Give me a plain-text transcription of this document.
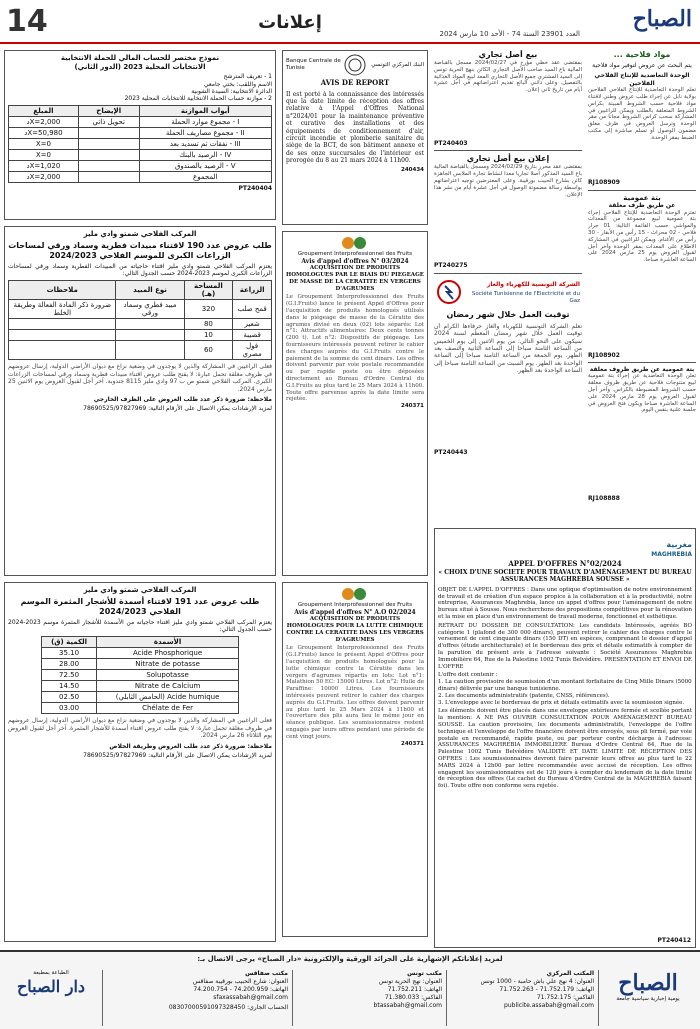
14	إعلانات
العدد 23901 السنة 74 - الأحد 10 مارس 2024
الصباح
مواد فلاحية ...
يتم البحث عن عروض لتوفير مواد فلاحية
الوحدة التعاضدية للإنتاج الفلاحي الفلاحين
تعلم الوحدة التعاضدية للإنتاج الفلاحي الفلاحين بولاية نابل عن إجراء طلب عروض وطني لاقتناء مواد فلاحية حسب الشروط المبينة بكراس الشروط المتعلقة بالطلب ويمكن للراغبين في المشاركة سحب كراس الشروط مجانا من مقر الوحدة وترسل العروض في ظرف مغلق مضمون الوصول أو تسلم مباشرة إلى مكتب الضبط بمقر الوحدة.
RJ108909
بتة عمومية
عن طريق ظرف مغلقة
تعتزم الوحدة التعاضدية للإنتاج الفلاحي إجراء بتة عمومية لبيع مجموعة من المعدات والمواشي حسب القائمة التالية: 01 جرار فلاحي - 02 محراث - 15 رأس من الأبقار - 30 رأس من الأغنام. ويمكن للراغبين في المشاركة الاطلاع على المعدات بمقر الوحدة وآخر أجل لقبول العروض يوم 25 مارس 2024 على الساعة العاشرة صباحا.
RJ108902
بتة عمومية عن طريق ظروف مغلقة
تعلن الوحدة التعاضدية عن إجراء بتة عمومية لبيع منتوجات فلاحية عن طريق ظروف مغلقة حسب الشروط المضبوطة بالكراس. وآخر أجل لقبول العروض يوم 28 مارس 2024 على الساعة العاشرة صباحا ويكون فتح العروض في جلسة علنية بنفس اليوم.
RJ108888
بيع أصل تجاري
بمقتضى عقد خطي مؤرخ في 2024/02/27 مسجل بالقباضة المالية باع السيد صاحب الأصل التجاري الكائن بنهج الحرية تونس إلى السيد المشتري جميع الأصل التجاري المعد لبيع المواد الغذائية بالتفصيل. وعلى دائني البائع تقديم اعتراضاتهم في أجل عشرة أيام من تاريخ ثاني إعلان.
PT240403
إعلان بيع أصل تجاري
بمقتضى عقد محرر بتاريخ 2024/02/29 ومسجل بالقباضة المالية باع السيد المذكور أصلا تجاريا معدا لنشاط تجارة الملابس الجاهزة كائن بشارع الحبيب بورقيبة. وعلى المعترضين توجيه اعتراضاتهم بواسطة رسالة مضمونة الوصول في أجل عشرة أيام من نشر هذا الإعلان.
PT240275
الشركة التونسية للكهرباء والغاز
Société Tunisienne de l'Electricité et du Gaz
توقيت العمل خلال شهر رمضان
تعلم الشركة التونسية للكهرباء والغاز حرفاءها الكرام أن توقيت العمل خلال شهر رمضان المعظم لسنة 2024 سيكون على النحو التالي: من يوم الاثنين إلى يوم الخميس من الساعة الثامنة صباحا إلى الساعة الثانية والنصف بعد الظهر. يوم الجمعة من الساعة الثامنة صباحا إلى الساعة الواحدة بعد الظهر. يوم السبت من الساعة الثامنة صباحا إلى الساعة الواحدة بعد الظهر.
PT240443
Banque Centrale de Tunisie
البنك المركزي التونسي
AVIS DE REPORT
Il est porté à la connaissance des intéressés que la date limite de réception des offres relative à l'Appel d'Offres National n°2024/01 pour la maintenance préventive et curative des installations et des équipements de conditionnement d'air, circuit incendie et plomberie sanitaire du siège de la BCT, de son bâtiment annexe et de ses onze succursales de l'intérieur est prorogée du 8 au 21 mars 2024 à 11h00.
240434
Groupement Interprofessionnel des Fruits
Avis d'appel d'offres N° 03/2024
ACQUISITION DE PRODUITS HOMOLOGUES PAR LE BIAIS DU PIEGEAGE DE MASSE DE LA CERATITE EN VERGERS D'AGRUMES
Le Groupement Interprofessionnel des Fruits (G.I.Fruits) lance le présent Appel d'Offres pour l'acquisition de produits homologués utilisés dans le piégeage de masse de la Cératite des agrumes divisé en deux (02) lots séparés: Lot n°1: Attractifs alimentaires: Deux cents tonnes (200 t). Lot n°2: Dispositifs de piégeage. Les fournisseurs intéressés peuvent retirer le cahier des charges auprès du G.I.Fruits contre le paiement de la somme de cent dinars. Les offres doivent parvenir par voie postale recommandée ou par rapide poste ou être déposées directement au Bureau d'Ordre Central du G.I.Fruits au plus tard le 25 Mars 2024 à 11h00. Toute offre parvenue après la date limite sera rejetée.
240371
Groupement Interprofessionnel des Fruits
Avis d'appel d'offres N° A.O 02/2024
ACQUISITION DE PRODUITS HOMOLOGUES POUR LA LUTTE CHIMIQUE CONTRE LA CERATITE DANS LES VERGERS D'AGRUMES
Le Groupement Interprofessionnel des Fruits (G.I.Fruits) lance le présent Appel d'Offres pour l'acquisition de produits homologués pour la lutte chimique contre la Cératite dans les vergers d'agrumes répartis en lots: Lot n°1: Malathion 50 EC: 15000 Litres. Lot n°2: Huile de Paraffine: 10000 Litres. Les fournisseurs intéressés peuvent retirer le cahier des charges auprès du G.I.Fruits. Les offres doivent parvenir au plus tard le 25 Mars 2024 à 11h00 et l'ouverture des plis aura lieu le même jour en séance publique. Les soumissionnaires restent engagés par leurs offres pendant une période de cent vingt jours.
240371
نموذج مختصر للحساب المالي للحملة الانتخابية
الانتخابات المحلية 2023 (الدور الثاني)
1 - تعريف المترشح
الاسم واللقب: بختي جامعي
الدائرة الانتخابية: السيدة الشوبية
2 - موازنة حساب الحملة الانتخابية للانتخابات المحلية 2023
أبواب الموازنة	الإيضاح	المبلغ
I - مجموع موارد الحملة	تحويل ذاتي	X=2,000د
II - مجموع مصاريف الحملة		X=50,980د
III - نفقات تم تسديد بعد		X=0
IV - الرصيد بالبنك		X=0
V - الرصيد بالصندوق		X=1,020د
المجموع		X=2,000د
PT240404
المركب الفلاحي شمتو وادي مليز
طلب عروض عدد 190 لاقتناء مبيدات فطرية وسماد ورقي لمساحات الزراعات الكبرى للموسم الفلاحي 2024/2023
يعتزم المركب الفلاحي شمتو وادي مليز اقتناء حاجياته من المبيدات الفطرية وسماد ورقي لمساحات الزراعات الكبرى لموسم 2023-2024 حسب الجدول التالي:
الزراعة	المساحة (هـ)	نوع المبيد	ملاحظات
قمح صلب	320	مبيد فطري وسماد ورقي	ضرورة ذكر المادة الفعالة وطريقة الخلط
شعير	80		
قصيبة	10		
فول مصري	60		
فعلى الراغبين في المشاركة والذين لا يوجدون في وضعية نزاع مع ديوان الأراضي الدولية، إرسال عروضهم في ظروف مغلقة تحمل عبارة: لا يفتح طلب عروض اقتناء مبيدات فطرية وسماد ورقي لمساحات الزراعات الكبرى. المركب الفلاحي شمتو ص ب 97 وادي مليز 8115 جندوبة. آخر أجل لقبول العروض يوم الاثنين 25 مارس 2024.
ملاحظة: ضرورة ذكر عدد طلب العروض على الظرف الخارجي
لمزيد الإرشادات يمكن الاتصال على الأرقام التالية: 78690525/97827969
المركب الفلاحي شمتو وادي مليز
طلب عروض عدد 191 لاقتناء أسمدة للأشجار المثمرة الموسم الفلاحي 2024/2023
يعتزم المركب الفلاحي شمتو وادي مليز اقتناء حاجياته من الأسمدة للأشجار المثمرة موسم 2023-2024 حسب الجدول التالي:
الأسمدة	الكمية (ق)
Acide Phosphorique	35.10
Nitrate de potasse	28.00
Solupotasse	72.50
Nitrate de Calcium	14.50
Acide humique (الحامض الثابلي)	02.50
Chélate de Fer	03.00
فعلى الراغبين في المشاركة والذين لا يوجدون في وضعية نزاع مع ديوان الأراضي الدولية، إرسال عروضهم في ظروف مغلقة تحمل عبارة: لا يفتح طلب عروض اقتناء أسمدة للأشجار المثمرة. آخر أجل لقبول العروض يوم الثلاثاء 26 مارس 2024.
ملاحظة: ضرورة ذكر عدد طلب العروض وطريقة الخلاص
لمزيد الإرشادات يمكن الاتصال على الأرقام التالية: 78690525/97827969
مغربية
MAGHREBIA
APPEL D'OFFRES N°02/2024
« CHOIX D'UNE SOCIETE POUR TRAVAUX D'AMÉNAGEMENT DU BUREAU ASSURANCES MAGHREBIA SOUSSE »
OBJET DE L'APPEL D'OFFRES : Dans une optique d'optimisation de notre environnement de travail et de création d'un espace propice à la collaboration et à la productivité, notre entreprise, Assurances Maghrebia, lance un appel d'offres pour l'aménagement de notre bureau situé à Sousse. Nous recherchons des propositions compétitives pour la rénovation et la mise en place d'un environnement de travail moderne, fonctionnel et esthétique.
RETRAIT DU DOSSIER DE CONSULTATION: Les candidats Intéressés, agréés BO catégorie 1 (plafond de 300 000 dinars), peuvent retirer le cahier des charges contre le versement de cent cinquante dinars (150 DT) en espèces, comprenant le dossier d'appel d'offres (étude architecturale) et le bordereau des prix et détails estimatifs à compter de la parution du présent avis à l'adresse suivante : Société Assurances Maghrebia Immobilière 64, Rue de la Palestine 1002 Tunis Belvédère. PRESENTATION ET ENVOI DE L'OFFRE
L'offre doit contenir :
1. La caution provisoire de soumission d'un montant forfaitaire de Cinq Mille Dinars (5000 dinars) délivrée par une banque tunisienne.
2. Les documents administratifs (patente, CNSS, références).
3. L'enveloppe avec le bordereau de prix et détails estimatifs avec la soumission signée.
Les éléments doivent être placés dans une enveloppe extérieure fermée et scellée portant la mention: A NE PAS OUVRIR CONSULTATION POUR AMÉNAGEMENT BUREAU SOUSSE. La caution provisoire, les documents administratifs, l'enveloppe de l'offre technique et l'enveloppe de l'offre financière doivent être envoyés, sous pli fermé, par voie postale en recommandé, rapide poste, ou par porteur contre décharge à l'adresse: ASSURANCES MAGHREBIA IMMOBILIERE Bureau d'Ordre Central 64, Rue de la Palestine 1002 Tunis Belvédère VALIDITÉ ET DATE LIMITE DE RÉCEPTION DES OFFRES : Les soumissionnaires devront faire parvenir leurs offres au plus tard le 22 MARS 2024 à 12h00 par lettre recommandée avec accusé de réception. Les offres engagent les soumissionnaires est de 120 jours à compter du lendemain de la date limite de réception des offres (Le cachet du Bureau d'Ordre Central de la MAGHREBIA faisant foi). Toute offre non conforme sera rejetée.
PT240412
لمزيد إعلاناتكم الإشهارية على الجرائد الورقية والإلكترونية «دار الصباح» يرجى الاتصال بـ:
الصباح
يومية إخبارية سياسية جامعة
المكتب المركزي
العنوان: 4 نهج علي باش حامبة - 1000 تونس
الهاتف: 71.752.179 - 71.752.263
الفاكس: 71.752.175
publicite.assabah@gmail.com
مكتب تونس
العنوان: نهج الحرية تونس
الهاتف: 71.752.211
الفاكس: 71.380.033
btassabah@gmail.com
مكتب صفاقس
العنوان: شارع الحبيب بورقيبة صفاقس
الهاتف: 74.200.959 - 74.200.754
sfaxassabah@gmail.com
الحساب الجاري: 08307000591097328450
الطباعة بمطبعة
دار الصباح
